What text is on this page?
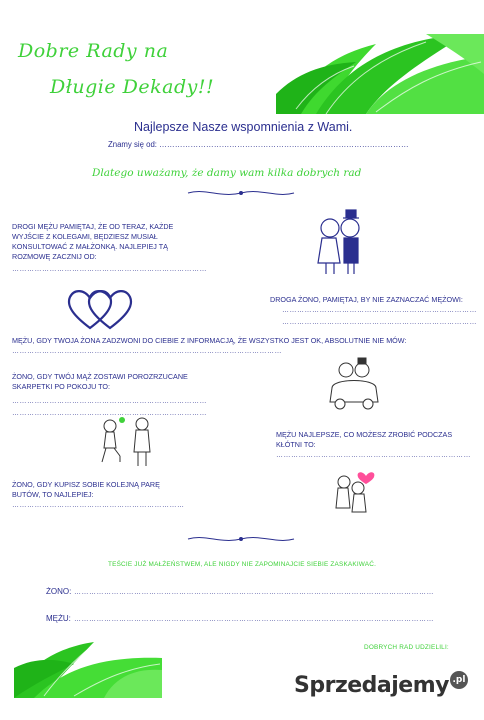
Dobre Rady na
Długie Dekady!!
Najlepsze Nasze wspomnienia z Wami.
Znamy się od: ……………………………………………………………………………………
Dlatego uważamy, że damy wam kilka dobrych rad
DROGI MĘŻU PAMIĘTAJ, ŻE OD TERAZ, KAŻDE WYJŚCIE Z KOLEGAMI, BĘDZIESZ MUSIAŁ KONSULTOWAĆ Z MAŁŻONKĄ. NAJLEPIEJ TĄ ROZMOWĘ ZACZNIJ OD:
……………………………………………………………………
DROGA ŻONO, PAMIĘTAJ, BY NIE ZAZNACZAĆ MĘŻOWI:
……………………………………………………………………
……………………………………………………………………
MĘŻU, GDY TWOJA ŻONA ZADZWONI DO CIEBIE Z INFORMACJĄ, ŻE WSZYSTKO JEST OK, ABSOLUTNIE NIE MÓW:
………………………………………………………………………………………………
ŻONO, GDY TWÓJ MĄŻ ZOSTAWI POROZRZUCANE SKARPETKI PO POKOJU TO:
……………………………………………………………………
……………………………………………………………………
MĘŻU NAJLEPSZE, CO MOŻESZ ZROBIĆ PODCZAS KŁÓTNI TO:
……………………………………………………………………
ŻONO, GDY KUPISZ SOBIE KOLEJNĄ PARĘ BUTÓW, TO NAJLEPIEJ:
……………………………………………………………
TEŚCIE JUŻ MAŁŻEŃSTWEM, ALE NIGDY NIE ZAPOMINAJCIE SIEBIE ZASKAKIWAĆ.
ŻONO: ………………………………………………………………………………………………………………………………
MĘŻU: ………………………………………………………………………………………………………………………………
DOBRYCH RAD UDZIELILI:
Sprzedajemy .pl
